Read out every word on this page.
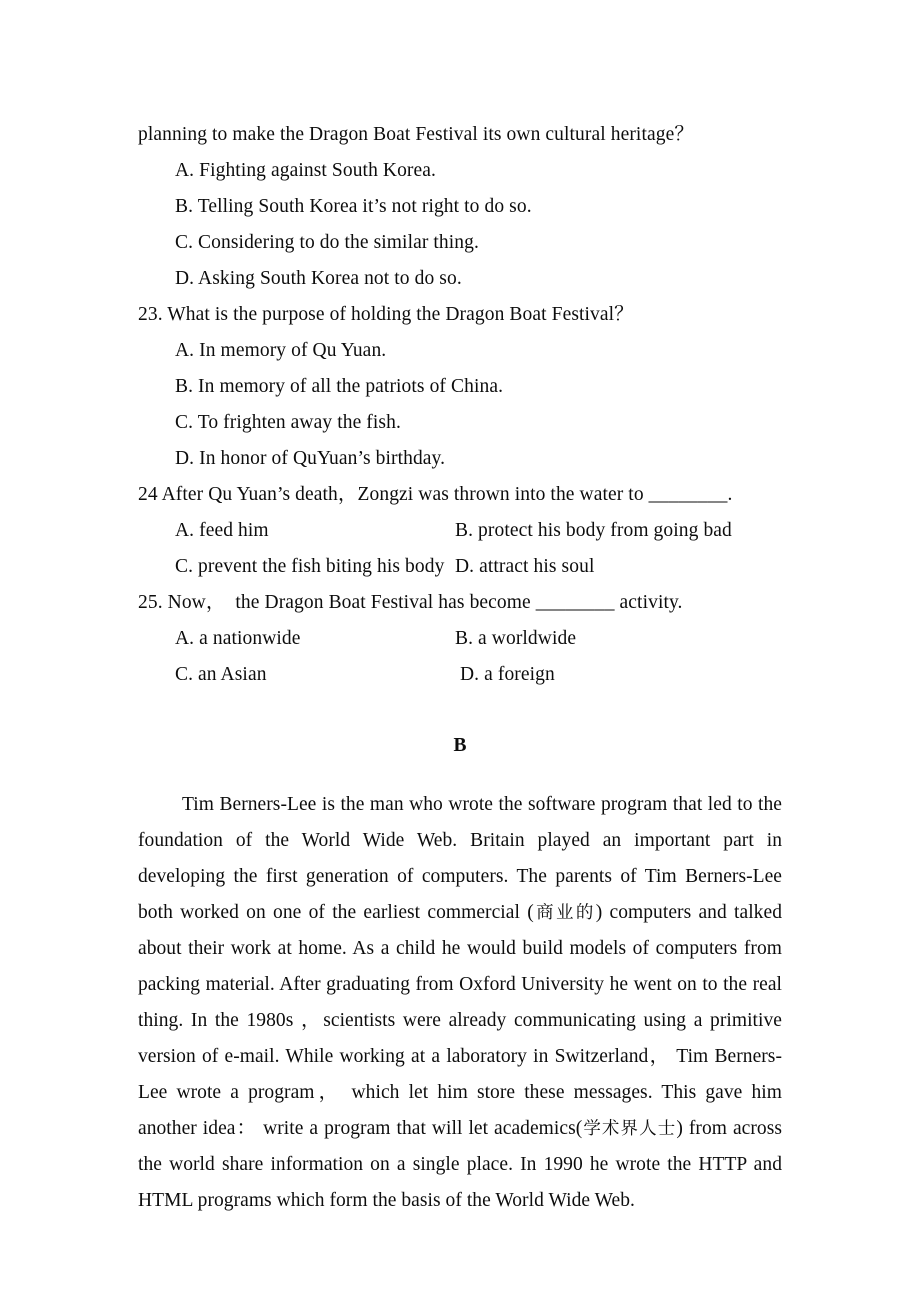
planning to make the Dragon Boat Festival its own cultural heritage？
A. Fighting against South Korea.
B. Telling South Korea it’s not right to do so.
C. Considering to do the similar thing.
D. Asking South Korea not to do so.
23. What is the purpose of holding the Dragon Boat Festival？
A. In memory of Qu Yuan.
B. In memory of all the patriots of China.
C. To frighten away the fish.
D. In honor of QuYuan’s birthday.
24 After Qu Yuan’s death，Zongzi was thrown into the water to ________.

A. feed him

	B. protect his body from going bad

C. prevent the fish biting his body

D. attract his soul

25. Now，  the Dragon Boat Festival has become ________ activity.

A. a nationwide

	B. a worldwide

C. an Asian

	D. a foreign

B

Tim Berners-Lee is the man who wrote the software program that led to the foundation of the World Wide Web. Britain played an important part in developing the first generation of computers. The parents of Tim Berners-Lee both worked on one of the earliest commercial (商业的) computers and talked about their work at home. As a child he would build models of computers from packing material. After graduating from Oxford University he went on to the real thing. In the 1980s ，scientists were already communicating using a primitive version of e-mail. While working at a laboratory in Switzerland， Tim Berners-Lee wrote a program， which let him store these messages. This gave him another idea： write a program that will let academics(学术界人士) from across the world share information on a single place. In 1990 he wrote the HTTP and HTML programs which form the basis of the World Wide Web.
